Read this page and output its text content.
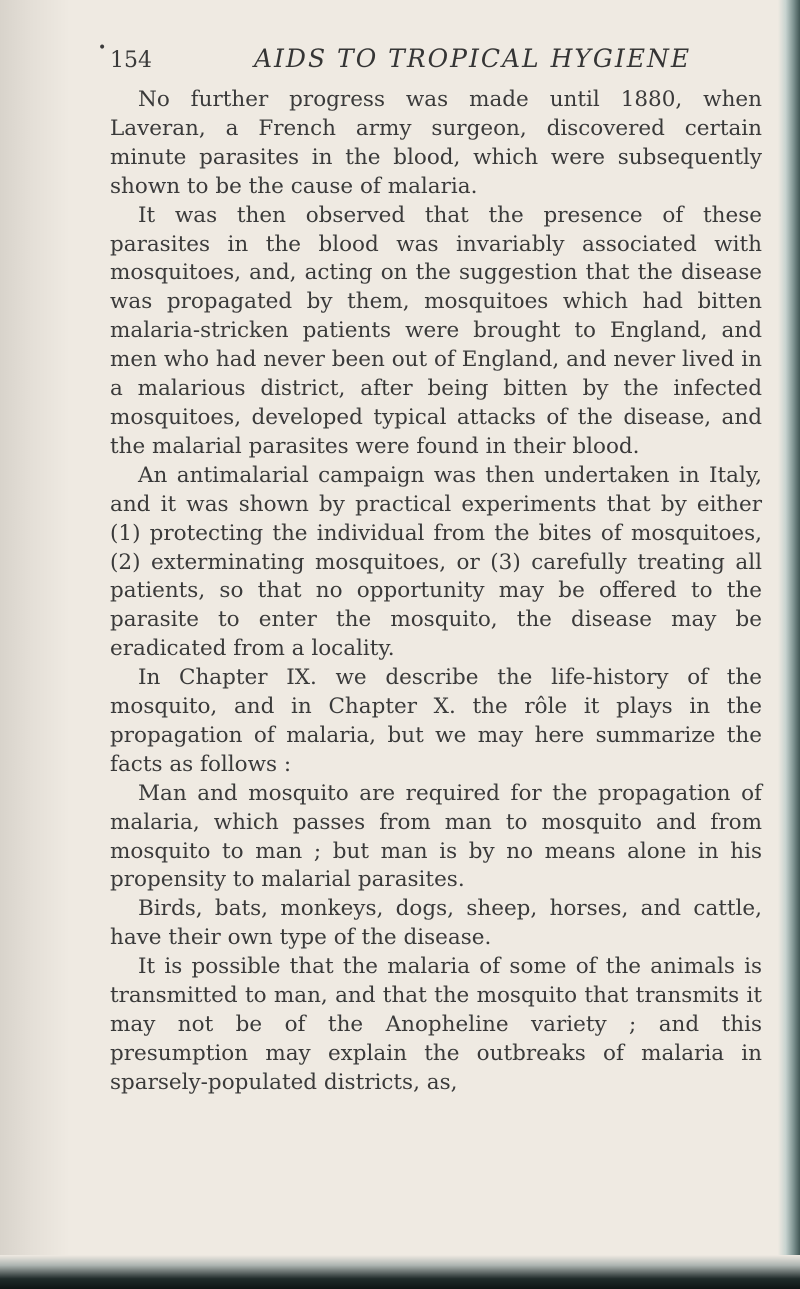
• 154	AIDS TO TROPICAL HYGIENE

No further progress was made until 1880, when Laveran, a French army surgeon, discovered certain minute parasites in the blood, which were subsequently shown to be the cause of malaria.

It was then observed that the presence of these parasites in the blood was invariably associated with mosquitoes, and, acting on the suggestion that the disease was propagated by them, mosquitoes which had bitten malaria-stricken patients were brought to England, and men who had never been out of England, and never lived in a malarious district, after being bitten by the infected mosquitoes, developed typical attacks of the disease, and the malarial parasites were found in their blood.

An antimalarial campaign was then undertaken in Italy, and it was shown by practical experiments that by either (1) protecting the individual from the bites of mosquitoes, (2) exterminating mosquitoes, or (3) carefully treating all patients, so that no opportunity may be offered to the parasite to enter the mosquito, the disease may be eradicated from a locality.

In Chapter IX. we describe the life-history of the mosquito, and in Chapter X. the rôle it plays in the propagation of malaria, but we may here summarize the facts as follows :

Man and mosquito are required for the propagation of malaria, which passes from man to mosquito and from mosquito to man ; but man is by no means alone in his propensity to malarial parasites.

Birds, bats, monkeys, dogs, sheep, horses, and cattle, have their own type of the disease.

It is possible that the malaria of some of the animals is transmitted to man, and that the mosquito that transmits it may not be of the Anopheline variety ; and this presumption may explain the outbreaks of malaria in sparsely-populated districts, as,
